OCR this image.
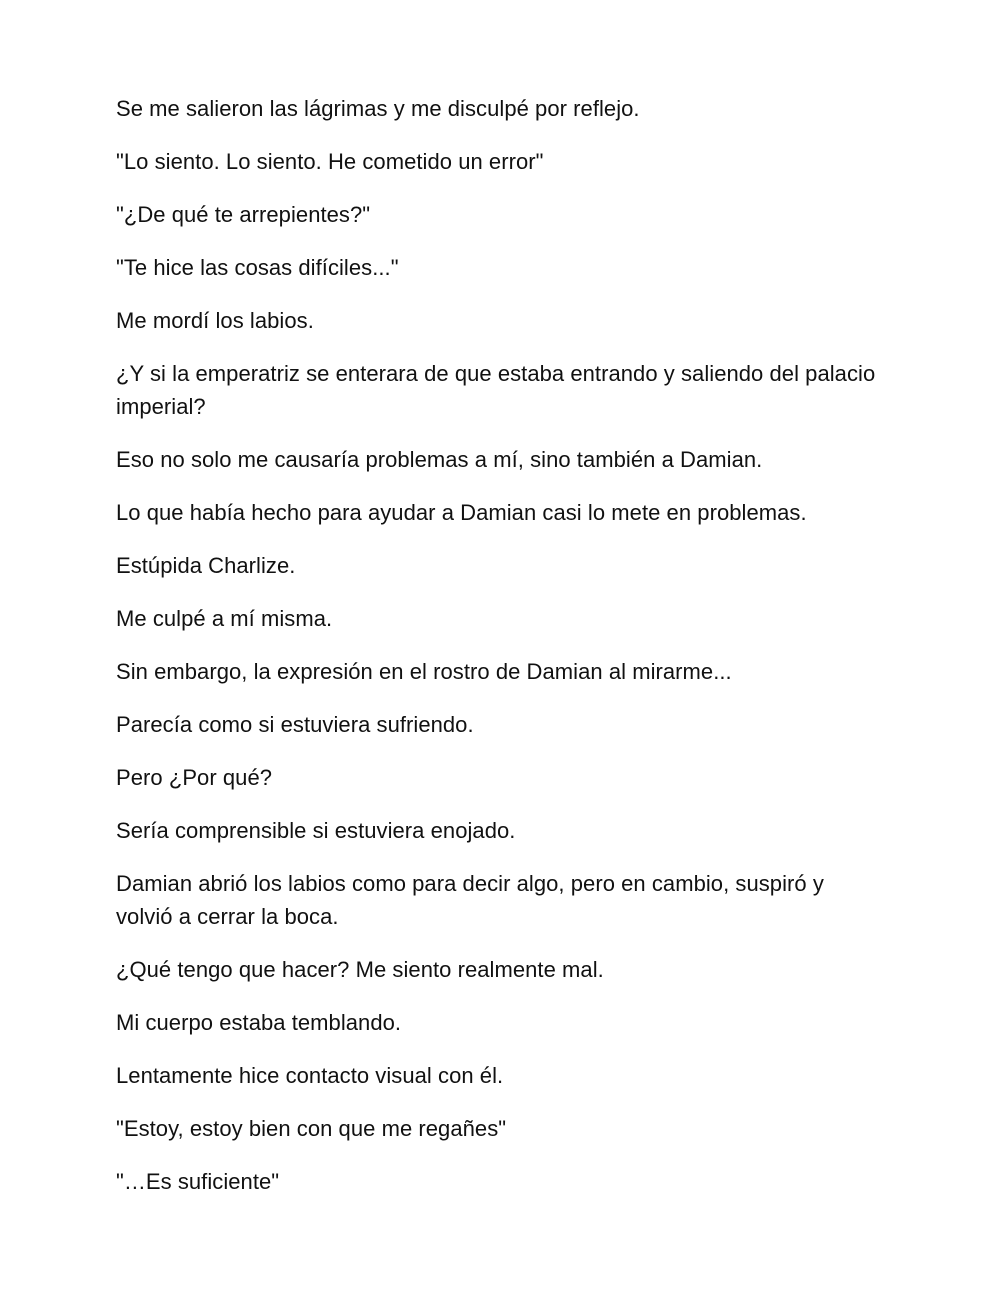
Se me salieron las lágrimas y me disculpé por reflejo.

"Lo siento. Lo siento. He cometido un error"

"¿De qué te arrepientes?"

"Te hice las cosas difíciles..."

Me mordí los labios.

¿Y si la emperatriz se enterara de que estaba entrando y saliendo del palacio imperial?

Eso no solo me causaría problemas a mí, sino también a Damian.

Lo que había hecho para ayudar a Damian casi lo mete en problemas.

Estúpida Charlize.

Me culpé a mí misma.

Sin embargo, la expresión en el rostro de Damian al mirarme...

Parecía como si estuviera sufriendo.

Pero ¿Por qué?

Sería comprensible si estuviera enojado.

Damian abrió los labios como para decir algo, pero en cambio, suspiró y volvió a cerrar la boca.

¿Qué tengo que hacer? Me siento realmente mal.

Mi cuerpo estaba temblando.

Lentamente hice contacto visual con él.

"Estoy, estoy bien con que me regañes"

"…Es suficiente"
